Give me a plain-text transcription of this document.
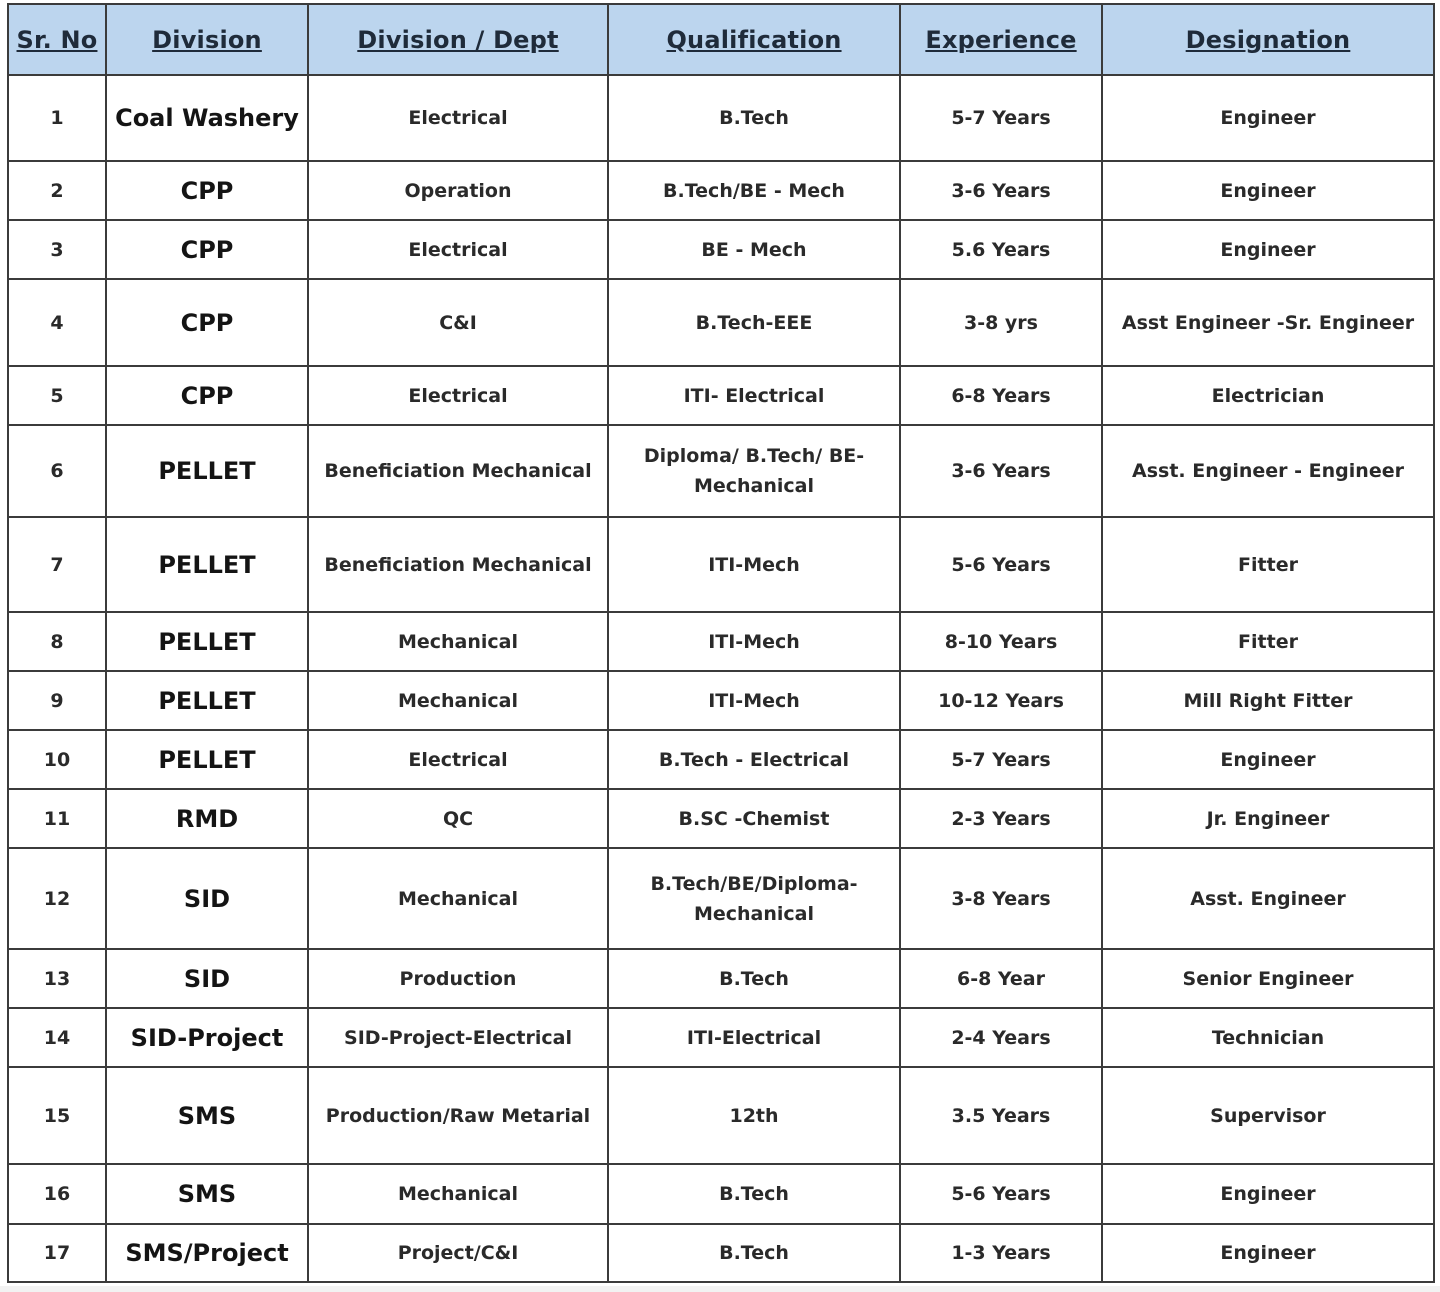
Sr. No	Division	Division / Dept	Qualification	Experience	Designation
1	Coal Washery	Electrical	B.Tech	5-7 Years	Engineer
2	CPP	Operation	B.Tech/BE - Mech	3-6 Years	Engineer
3	CPP	Electrical	BE - Mech	5.6 Years	Engineer
4	CPP	C&I	B.Tech-EEE	3-8 yrs	Asst Engineer -Sr. Engineer
5	CPP	Electrical	ITI- Electrical	6-8 Years	Electrician
6	PELLET	Beneficiation Mechanical	Diploma/ B.Tech/ BE-Mechanical	3-6 Years	Asst. Engineer - Engineer
7	PELLET	Beneficiation Mechanical	ITI-Mech	5-6 Years	Fitter
8	PELLET	Mechanical	ITI-Mech	8-10 Years	Fitter
9	PELLET	Mechanical	ITI-Mech	10-12 Years	Mill Right Fitter
10	PELLET	Electrical	B.Tech - Electrical	5-7 Years	Engineer
11	RMD	QC	B.SC -Chemist	2-3 Years	Jr. Engineer
12	SID	Mechanical	B.Tech/BE/Diploma-Mechanical	3-8 Years	Asst. Engineer
13	SID	Production	B.Tech	6-8 Year	Senior Engineer
14	SID-Project	SID-Project-Electrical	ITI-Electrical	2-4 Years	Technician
15	SMS	Production/Raw Metarial	12th	3.5 Years	Supervisor
16	SMS	Mechanical	B.Tech	5-6 Years	Engineer
17	SMS/Project	Project/C&I	B.Tech	1-3 Years	Engineer
